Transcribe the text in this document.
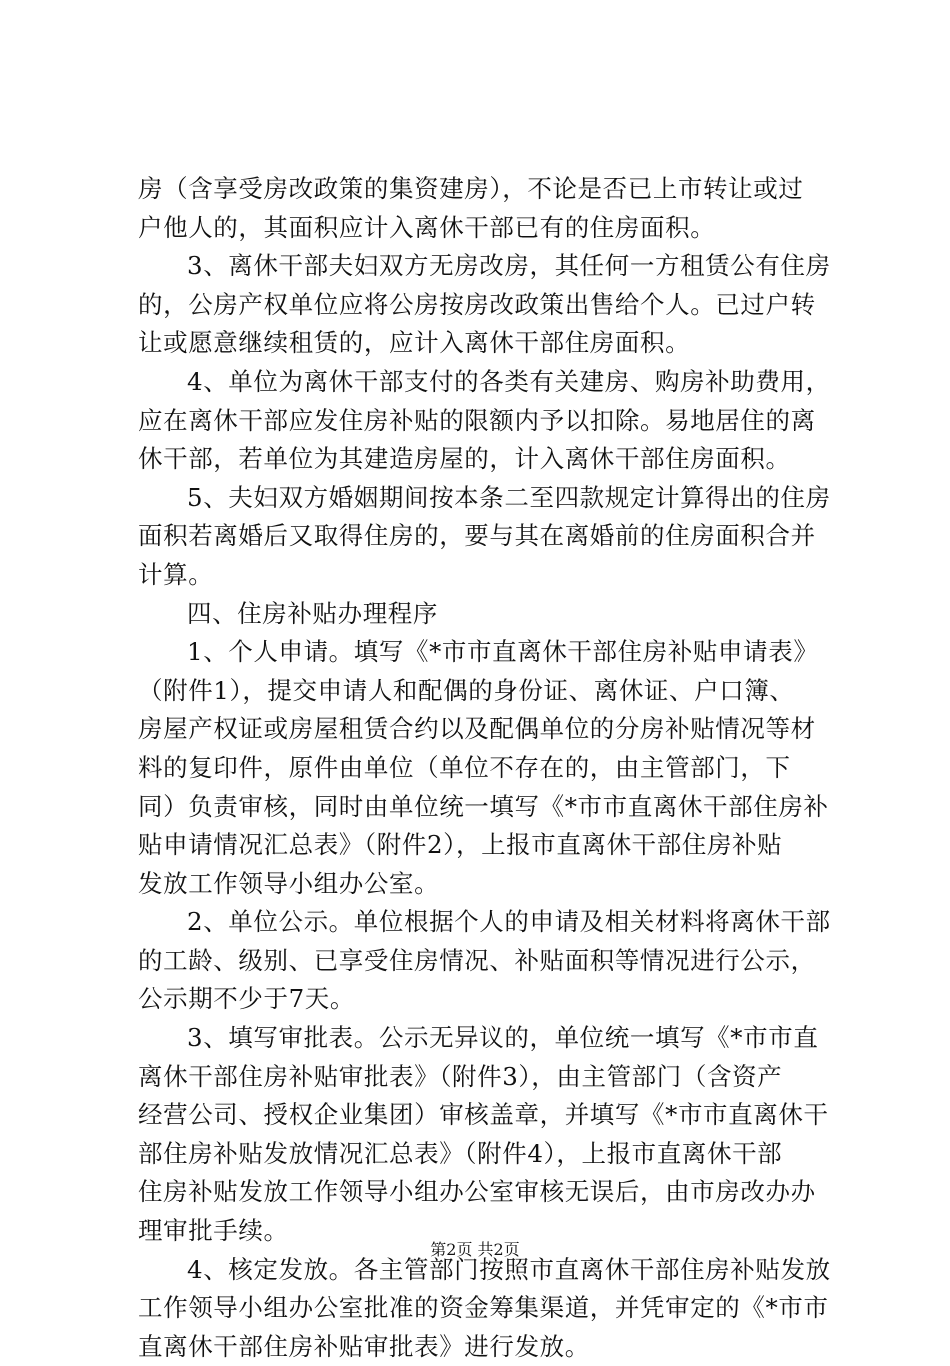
房（含享受房改政策的集资建房），不论是否已上市转让或过
户他人的，其面积应计入离休干部已有的住房面积。
3、离休干部夫妇双方无房改房，其任何一方租赁公有住房
的，公房产权单位应将公房按房改政策出售给个人。已过户转
让或愿意继续租赁的，应计入离休干部住房面积。
4、单位为离休干部支付的各类有关建房、购房补助费用，
应在离休干部应发住房补贴的限额内予以扣除。易地居住的离
休干部，若单位为其建造房屋的，计入离休干部住房面积。
5、夫妇双方婚姻期间按本条二至四款规定计算得出的住房
面积若离婚后又取得住房的，要与其在离婚前的住房面积合并
计算。
四、住房补贴办理程序
1、个人申请。填写《*市市直离休干部住房补贴申请表》
（附件1），提交申请人和配偶的身份证、离休证、户口簿、
房屋产权证或房屋租赁合约以及配偶单位的分房补贴情况等材
料的复印件，原件由单位（单位不存在的，由主管部门，下
同）负责审核，同时由单位统一填写《*市市直离休干部住房补
贴申请情况汇总表》（附件2），上报市直离休干部住房补贴
发放工作领导小组办公室。
2、单位公示。单位根据个人的申请及相关材料将离休干部
的工龄、级别、已享受住房情况、补贴面积等情况进行公示，
公示期不少于7天。
3、填写审批表。公示无异议的，单位统一填写《*市市直
离休干部住房补贴审批表》（附件3），由主管部门（含资产
经营公司、授权企业集团）审核盖章，并填写《*市市直离休干
部住房补贴发放情况汇总表》（附件4），上报市直离休干部
住房补贴发放工作领导小组办公室审核无误后，由市房改办办
理审批手续。
4、核定发放。各主管部门按照市直离休干部住房补贴发放
工作领导小组办公室批准的资金筹集渠道，并凭审定的《*市市
直离休干部住房补贴审批表》进行发放。
第2页 共2页
